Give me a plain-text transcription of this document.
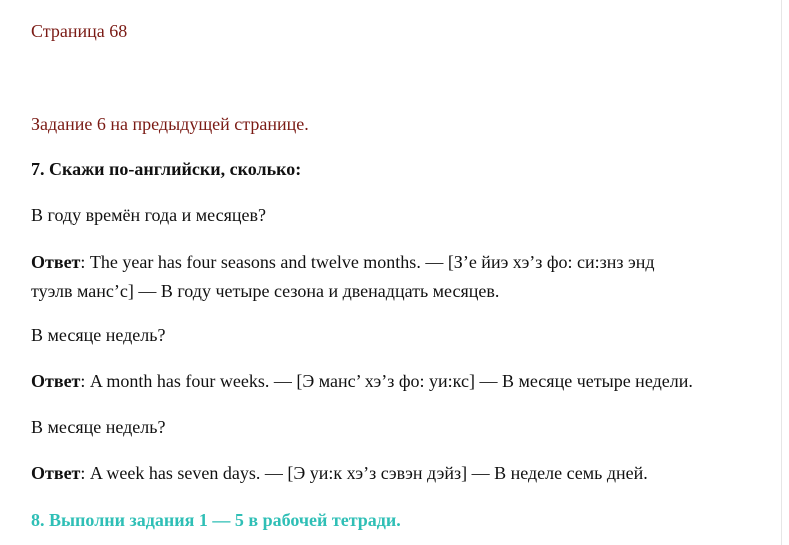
Страница 68
Задание 6 на предыдущей странице.
7. Скажи по-английски, сколько:
В году времён года и месяцев?
Ответ: The year has four seasons and twelve months. — [З’е йиэ хэ’з фо: си:знз энд
туэлв манс’с] — В году четыре сезона и двенадцать месяцев.
В месяце недель?
Ответ: A month has four weeks. — [Э манс’ хэ’з фо: уи:кс] — В месяце четыре недели.
В месяце недель?
Ответ: A week has seven days. — [Э уи:к хэ’з сэвэн дэйз] — В неделе семь дней.
8. Выполни задания 1 — 5 в рабочей тетради.
